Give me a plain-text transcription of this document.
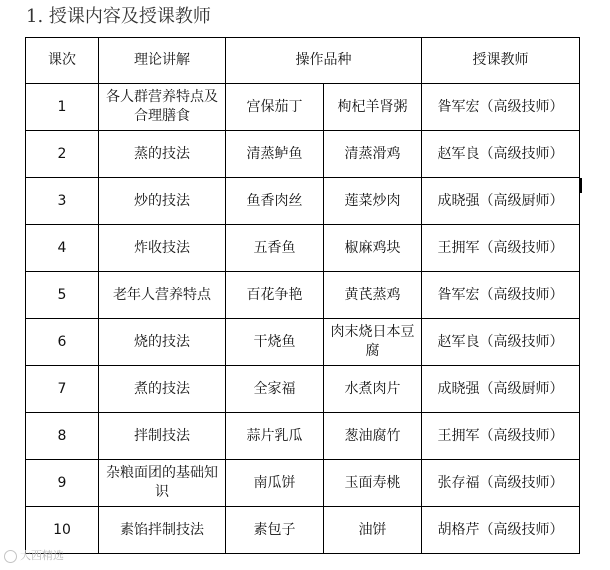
1. 授课内容及授课教师
课次	理论讲解	操作品种		授课教师
1	各人群营养特点及合理膳食	宫保茄丁	枸杞羊肾粥	昝军宏（高级技师）
2	蒸的技法	清蒸鲈鱼	清蒸滑鸡	赵军良（高级技师）
3	炒的技法	鱼香肉丝	莲菜炒肉	成晓强（高级厨师）
4	炸收技法	五香鱼	椒麻鸡块	王拥军（高级技师）
5	老年人营养特点	百花争艳	黄芪蒸鸡	昝军宏（高级技师）
6	烧的技法	干烧鱼	肉末烧日本豆腐	赵军良（高级技师）
7	煮的技法	全家福	水煮肉片	成晓强（高级厨师）
8	拌制技法	蒜片乳瓜	葱油腐竹	王拥军（高级技师）
9	杂粮面团的基础知识	南瓜饼	玉面寿桃	张存福（高级技师）
10	素馅拌制技法	素包子	油饼	胡格芹（高级技师）
大西精选
